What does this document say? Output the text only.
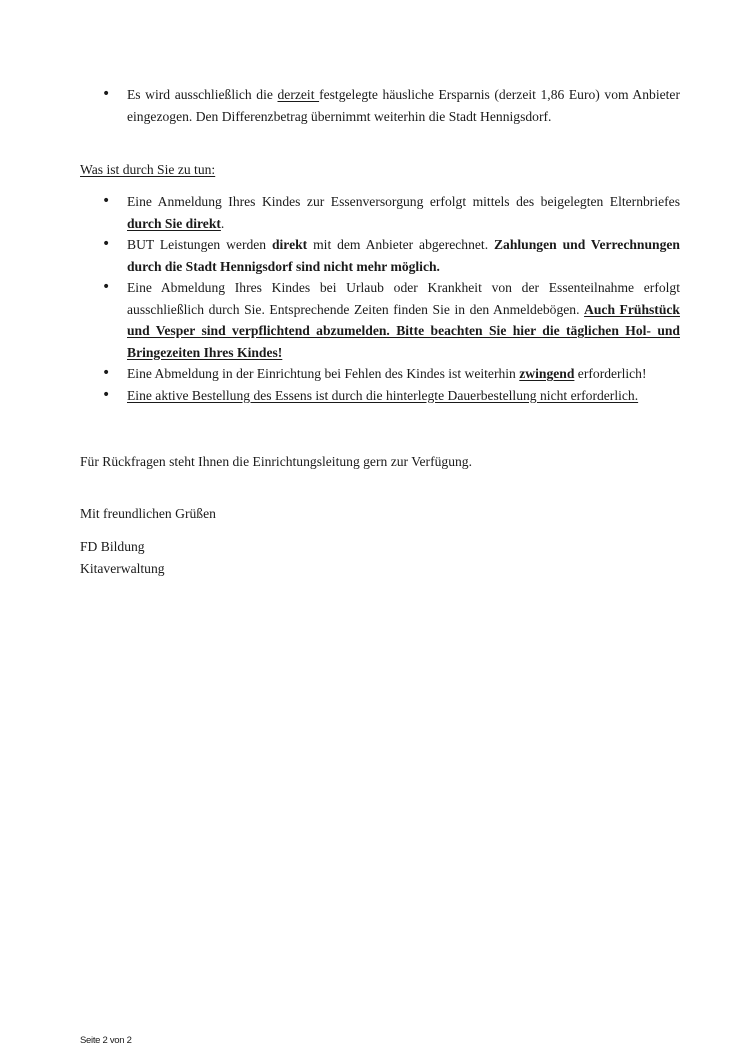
• Es wird ausschließlich die derzeit festgelegte häusliche Ersparnis (derzeit 1,86 Euro) vom Anbieter eingezogen. Den Differenzbetrag übernimmt weiterhin die Stadt Hennigsdorf.

Was ist durch Sie zu tun:

• Eine Anmeldung Ihres Kindes zur Essenversorgung erfolgt mittels des beigelegten Elternbriefes durch Sie direkt.
• BUT Leistungen werden direkt mit dem Anbieter abgerechnet. Zahlungen und Verrechnungen durch die Stadt Hennigsdorf sind nicht mehr möglich.
• Eine Abmeldung Ihres Kindes bei Urlaub oder Krankheit von der Essenteilnahme erfolgt ausschließlich durch Sie. Entsprechende Zeiten finden Sie in den Anmeldebögen. Auch Frühstück und Vesper sind verpflichtend abzumelden. Bitte beachten Sie hier die täglichen Hol- und Bringezeiten Ihres Kindes!
• Eine Abmeldung in der Einrichtung bei Fehlen des Kindes ist weiterhin zwingend erforderlich!
• Eine aktive Bestellung des Essens ist durch die hinterlegte Dauerbestellung nicht erforderlich.

Für Rückfragen steht Ihnen die Einrichtungsleitung gern zur Verfügung.

Mit freundlichen Grüßen

FD Bildung

Kitaverwaltung

Seite 2 von 2
